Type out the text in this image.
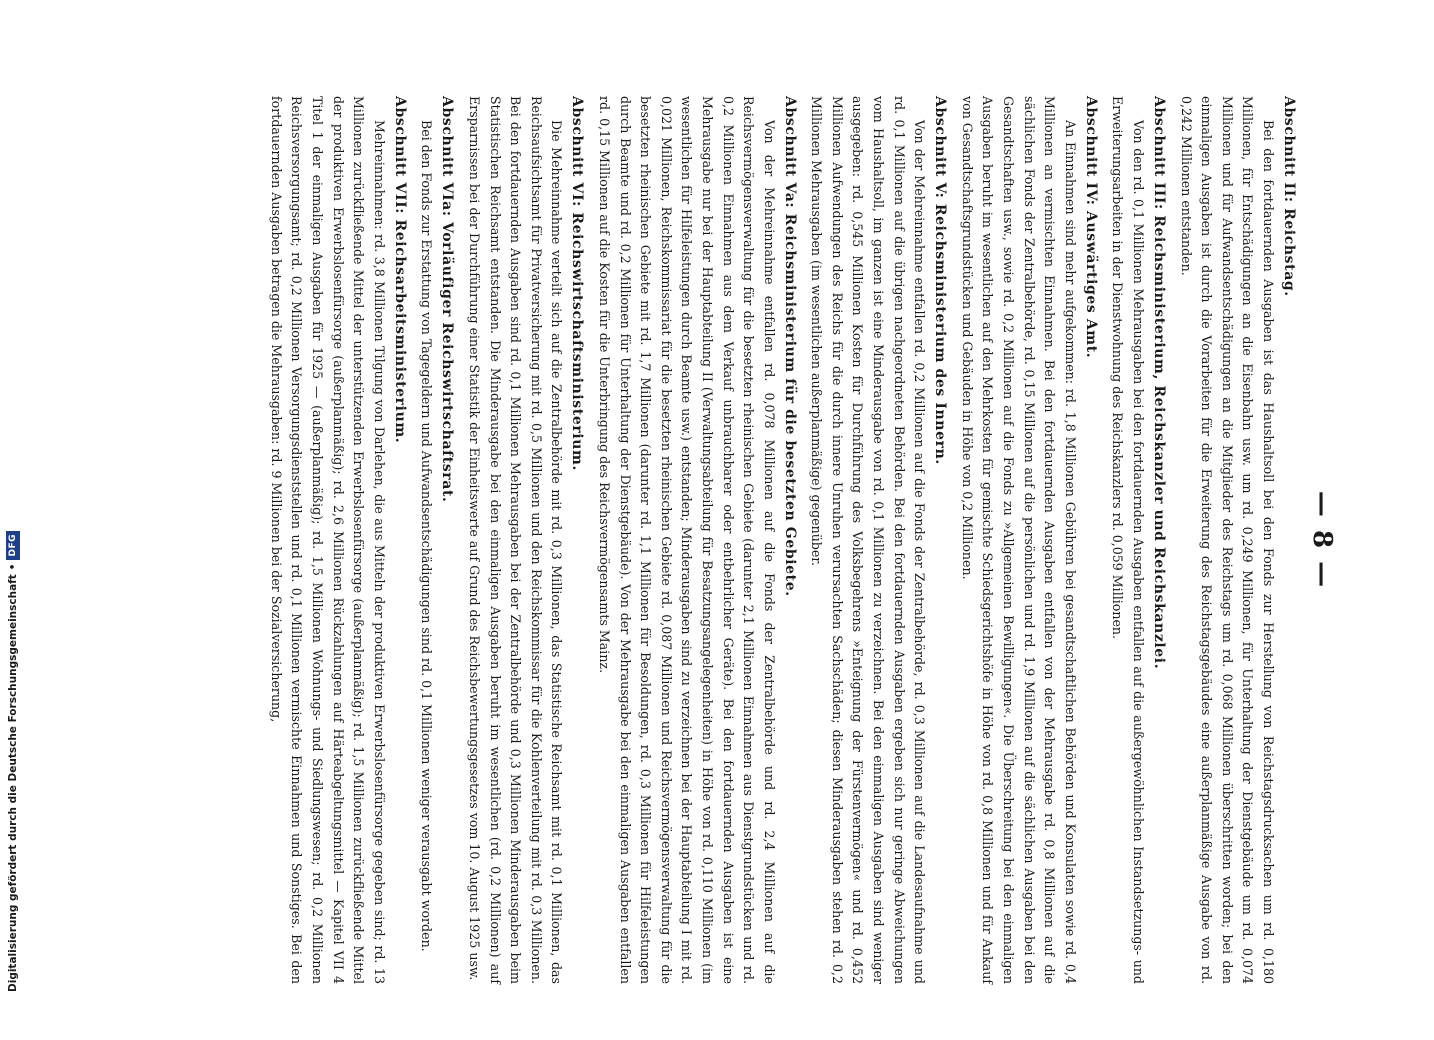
— 8 —
Abschnitt II: Reichstag.

Bei den fortdauernden Ausgaben ist das Haushaltsoll bei den Fonds zur Herstellung von Reichstagsdrucksachen um rd. 0,180 Millionen, für Entschädigungen an die Eisenbahn usw. um rd. 0,249 Millionen, für Unterhaltung der Dienstgebäude um rd. 0,074 Millionen und für Aufwandsentschädigungen an die Mitglieder des Reichstags um rd. 0,068 Millionen überschritten worden; bei den einmaligen Ausgaben ist durch die Vorarbeiten für die Erweiterung des Reichstagsgebäudes eine außerplanmäßige Ausgabe von rd. 0,242 Millionen entstanden.

Abschnitt III: Reichsministerium, Reichskanzler und Reichskanzlei.

Von den rd. 0,1 Millionen Mehrausgaben bei den fortdauernden Ausgaben entfallen auf die außergewöhnlichen Instandsetzungs- und Erweiterungsarbeiten in der Dienstwohnung des Reichskanzlers rd. 0,059 Millionen.

Abschnitt IV: Auswärtiges Amt.

An Einnahmen sind mehr aufgekommen: rd. 1,8 Millionen Gebühren bei gesandtschaftlichen Behörden und Konsulaten sowie rd. 0,4 Millionen an vermischten Einnahmen. Bei den fortdauernden Ausgaben entfallen von der Mehrausgabe rd. 0,8 Millionen auf die sächlichen Fonds der Zentralbehörde, rd. 0,15 Millionen auf die persönlichen und rd. 1,9 Millionen auf die sächlichen Ausgaben bei den Gesandtschaften usw., sowie rd. 0,2 Millionen auf die Fonds zu »Allgemeinen Bewilligungen«. Die Überschreitung bei den einmaligen Ausgaben beruht im wesentlichen auf den Mehrkosten für gemischte Schiedsgerichtshöfe in Höhe von rd. 0,8 Millionen und für Ankauf von Gesandtschaftsgrundstücken und Gebäuden in Höhe von 0,2 Millionen.

Abschnitt V: Reichsministerium des Innern.

Von der Mehreinnahme entfallen rd. 0,2 Millionen auf die Fonds der Zentralbehörde, rd. 0,3 Millionen auf die Landesaufnahme und rd. 0,1 Millionen auf die übrigen nachgeordneten Behörden. Bei den fortdauernden Ausgaben ergeben sich nur geringe Abweichungen vom Haushaltsoll, im ganzen ist eine Minderausgabe von rd. 0,1 Millionen zu verzeichnen. Bei den einmaligen Ausgaben sind weniger ausgegeben: rd. 0,545 Millionen Kosten für Durchführung des Volksbegehrens »Enteignung der Fürstenvermögen« und rd. 0,452 Millionen Aufwendungen des Reichs für die durch innere Unruhen verursachten Sachschäden; diesen Minderausgaben stehen rd. 0,2 Millionen Mehrausgaben (im wesentlichen außerplanmäßige) gegenüber.

Abschnitt Va: Reichsministerium für die besetzten Gebiete.

Von der Mehreinnahme entfallen rd. 0,078 Millionen auf die Fonds der Zentralbehörde und rd. 2,4 Millionen auf die Reichsvermögensverwaltung für die besetzten rheinischen Gebiete (darunter 2,1 Millionen Einnahmen aus Dienstgrundstücken und rd. 0,2 Millionen Einnahmen aus dem Verkauf unbrauchbarer oder entbehrlicher Geräte). Bei den fortdauernden Ausgaben ist eine Mehrausgabe nur bei der Hauptabteilung II (Verwaltungsabteilung für Besatzungsangelegenheiten) in Höhe von rd. 0,110 Millionen (im wesentlichen für Hilfeleistungen durch Beamte usw.) entstanden; Minderausgaben sind zu verzeichnen bei der Hauptabteilung I mit rd. 0,021 Millionen, Reichskommissariat für die besetzten rheinischen Gebiete rd. 0,087 Millionen und Reichsvermögensverwaltung für die besetzten rheinischen Gebiete mit rd. 1,7 Millionen (darunter rd. 1,1 Millionen für Besoldungen, rd. 0,3 Millionen für Hilfeleistungen durch Beamte und rd. 0,2 Millionen für Unterhaltung der Dienstgebäude). Von der Mehrausgabe bei den einmaligen Ausgaben entfallen rd. 0,15 Millionen auf die Kosten für die Unterbringung des Reichsvermögensamts Mainz.

Abschnitt VI: Reichswirtschaftsministerium.

Die Mehreinnahme verteilt sich auf die Zentralbehörde mit rd. 0,3 Millionen, das Statistische Reichsamt mit rd. 0,1 Millionen, das Reichsaufsichtsamt für Privatversicherung mit rd. 0,5 Millionen und den Reichskommissar für die Kohlenverteilung mit rd. 0,3 Millionen. Bei den fortdauernden Ausgaben sind rd. 0,1 Millionen Mehrausgaben bei der Zentralbehörde und 0,3 Millionen Minderausgaben beim Statistischen Reichsamt entstanden. Die Minderausgabe bei den einmaligen Ausgaben beruht im wesentlichen (rd. 0,2 Millionen) auf Ersparnissen bei der Durchführung einer Statistik der Einheitswerte auf Grund des Reichsbewertungsgesetzes vom 10. August 1925 usw.

Abschnitt VIa: Vorläufiger Reichswirtschaftsrat.

Bei den Fonds zur Erstattung von Tagegeldern und Aufwandsentschädigungen sind rd. 0,1 Millionen weniger verausgabt worden.

Abschnitt VII: Reichsarbeitsministerium.

Mehreinnahmen: rd. 3,8 Millionen Tilgung von Darlehen, die aus Mitteln der produktiven Erwerbslosenfürsorge gegeben sind; rd. 13 Millionen zurückfließende Mittel der unterstützenden Erwerbslosenfürsorge (außerplanmäßig); rd. 1,5 Millionen zurückfließende Mittel der produktiven Erwerbslosenfürsorge (außerplanmäßig); rd. 2,6 Millionen Rückzahlungen auf Härteabgeltungsmittel — Kapitel VII 4 Titel 1 der einmaligen Ausgaben für 1925 — (außerplanmäßig); rd. 1,5 Millionen Wohnungs- und Siedlungswesen; rd. 0,2 Millionen Reichsversorgungsamt; rd. 0,2 Millionen Versorgungsdienststellen und rd. 0,1 Millionen vermischte Einnahmen und Sonstiges. Bei den fortdauernden Ausgaben betragen die Mehrausgaben: rd. 9 Millionen bei der Sozialversicherung,

Digitalisierung gefördert durch die Deutsche Forschungsgemeinschaft
•
DFG
